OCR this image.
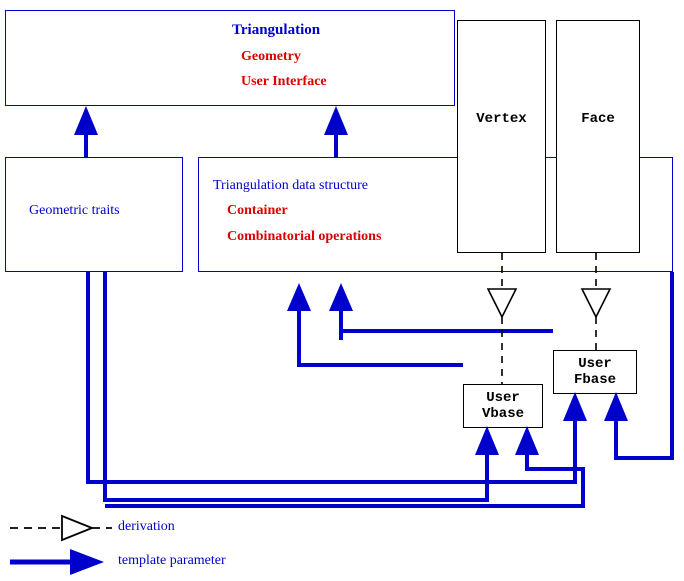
Triangulation
Geometry
User Interface
Geometric traits
Triangulation data structure
Container
Combinatorial operations
Vertex	Face
User
Fbase
User
Vbase
derivation
template parameter
